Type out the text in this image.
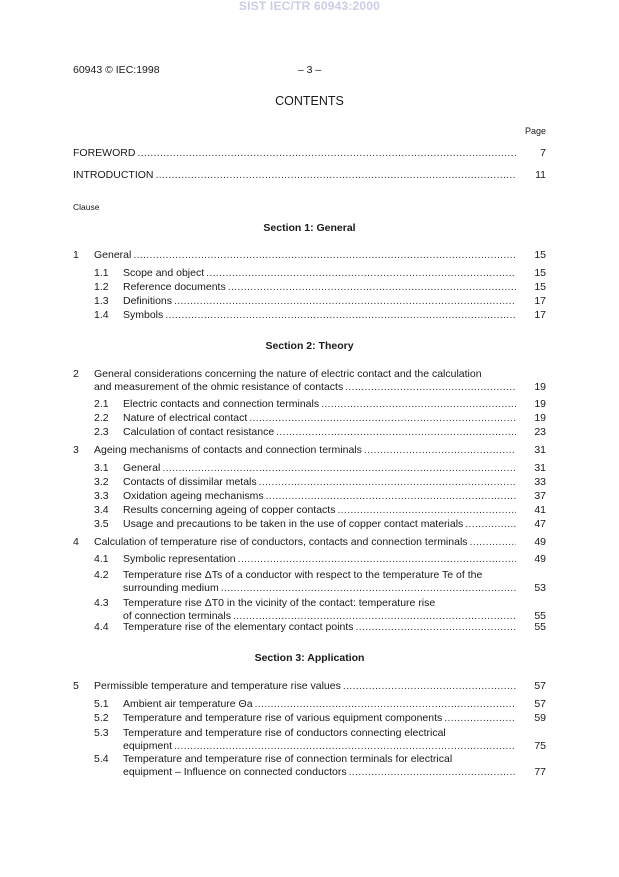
SIST IEC/TR 60943:2000
60943 © IEC:1998	– 3 –
CONTENTS
Page
Clause
Section 1: General
Section 2: Theory
Section 3: Application
FOREWORD .....	7
INTRODUCTION .....	11
1 General .....	15
1.1 Scope and object .....	15
1.2 Reference documents .....	15
1.3 Definitions .....	17
1.4 Symbols .....	17
2 General considerations concerning the nature of electric contact and the calculation
and measurement of the ohmic resistance of contacts .....	19
2.1 Electric contacts and connection terminals .....	19
2.2 Nature of electrical contact .....	19
2.3 Calculation of contact resistance .....	23
3 Ageing mechanisms of contacts and connection terminals .....	31
3.1 General .....	31
3.2 Contacts of dissimilar metals .....	33
3.3 Oxidation ageing mechanisms .....	37
3.4 Results concerning ageing of copper contacts .....	41
3.5 Usage and precautions to be taken in the use of copper contact materials .....	47
4 Calculation of temperature rise of conductors, contacts and connection terminals .....	49
4.1 Symbolic representation .....	49
4.2 Temperature rise ΔTs of a conductor with respect to the temperature Te of the
surrounding medium .....	53
4.3 Temperature rise ΔT0 in the vicinity of the contact: temperature rise
of connection terminals .....	55
4.4 Temperature rise of the elementary contact points .....	55
5 Permissible temperature and temperature rise values .....	57
5.1 Ambient air temperature Θa .....	57
5.2 Temperature and temperature rise of various equipment components .....	59
5.3 Temperature and temperature rise of conductors connecting electrical
equipment .....	75
5.4 Temperature and temperature rise of connection terminals for electrical
equipment – Influence on connected conductors .....	77
